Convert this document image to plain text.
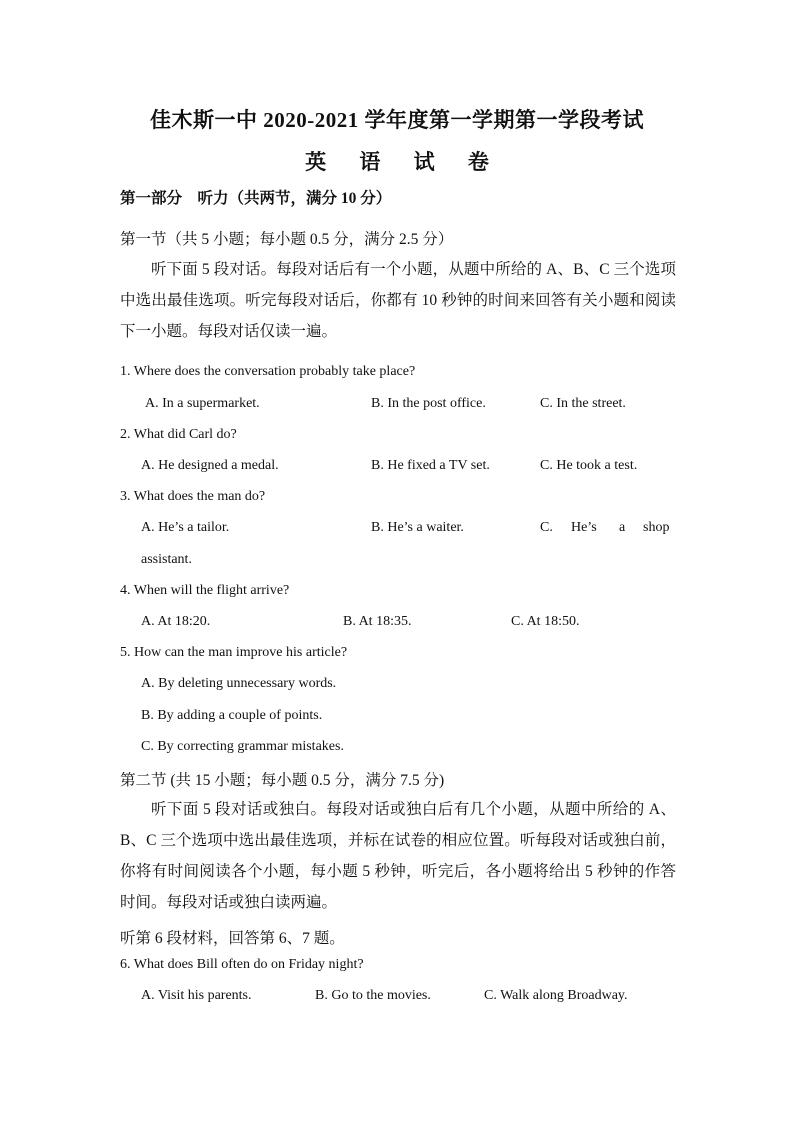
佳木斯一中 2020-2021 学年度第一学期第一学段考试
英 语 试 卷
第一部分　听力（共两节，满分 10 分）
第一节（共 5 小题；每小题 0.5 分，满分 2.5 分）
听下面 5 段对话。每段对话后有一个小题，从题中所给的 A、B、C 三个选项中选出最佳选项。听完每段对话后，你都有 10 秒钟的时间来回答有关小题和阅读下一小题。每段对话仅读一遍。
1. Where does the conversation probably take place?
A. In a supermarket.	B. In the post office.	C. In the street.
2. What did Carl do?
A. He designed a medal.	B. He fixed a TV set.	C. He took a test.
3. What does the man do?
A. He’s a tailor.	B. He’s a waiter.	C. He’s a shop
assistant.
4. When will the flight arrive?
A. At 18:20.	B. At 18:35.	C. At 18:50.
5. How can the man improve his article?
A. By deleting unnecessary words.
B. By adding a couple of points.
C. By correcting grammar mistakes.
第二节 (共 15 小题；每小题 0.5 分，满分 7.5 分)
听下面 5 段对话或独白。每段对话或独白后有几个小题，从题中所给的 A、B、C 三个选项中选出最佳选项，并标在试卷的相应位置。听每段对话或独白前，你将有时间阅读各个小题，每小题 5 秒钟，听完后，各小题将给出 5 秒钟的作答时间。每段对话或独白读两遍。
听第 6 段材料，回答第 6、7 题。
6. What does Bill often do on Friday night?
A. Visit his parents.	B. Go to the movies.	C. Walk along Broadway.
